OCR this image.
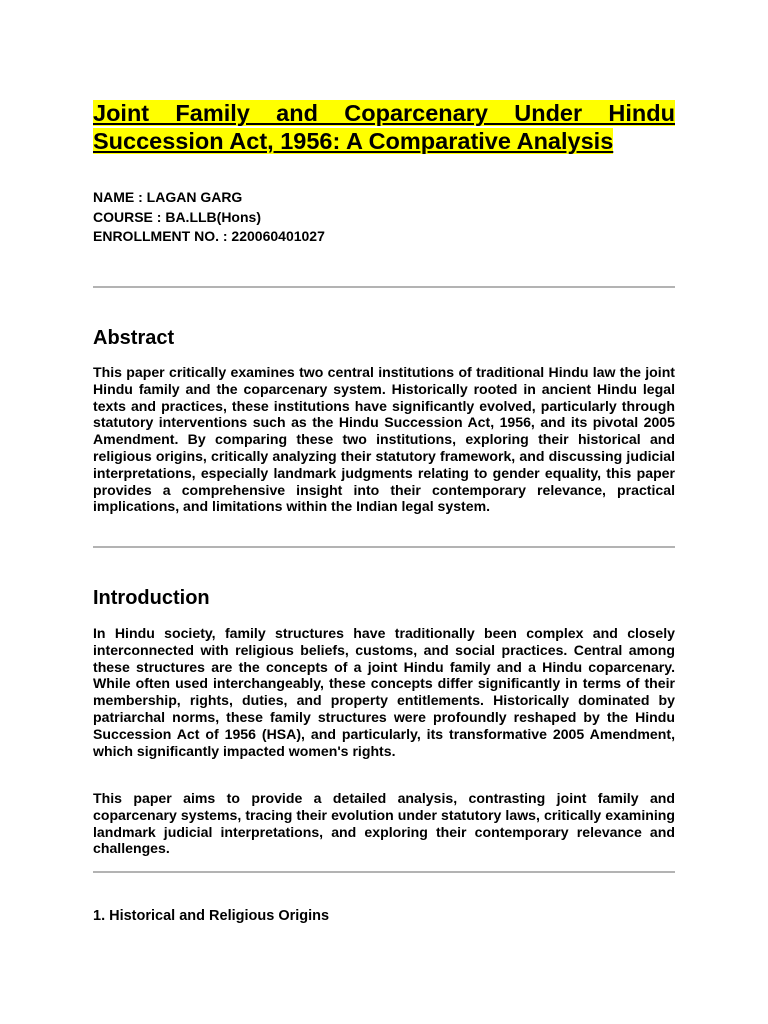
Joint Family and Coparcenary Under Hindu Succession Act, 1956: A Comparative Analysis

NAME : LAGAN GARG

COURSE : BA.LLB(Hons)

ENROLLMENT NO. : 220060401027

Abstract

This paper critically examines two central institutions of traditional Hindu law the joint Hindu family and the coparcenary system. Historically rooted in ancient Hindu legal texts and practices, these institutions have significantly evolved, particularly through statutory interventions such as the Hindu Succession Act, 1956, and its pivotal 2005 Amendment. By comparing these two institutions, exploring their historical and religious origins, critically analyzing their statutory framework, and discussing judicial interpretations, especially landmark judgments relating to gender equality, this paper provides a comprehensive insight into their contemporary relevance, practical implications, and limitations within the Indian legal system.

Introduction

In Hindu society, family structures have traditionally been complex and closely interconnected with religious beliefs, customs, and social practices. Central among these structures are the concepts of a joint Hindu family and a Hindu coparcenary. While often used interchangeably, these concepts differ significantly in terms of their membership, rights, duties, and property entitlements. Historically dominated by patriarchal norms, these family structures were profoundly reshaped by the Hindu Succession Act of 1956 (HSA), and particularly, its transformative 2005 Amendment, which significantly impacted women's rights.

This paper aims to provide a detailed analysis, contrasting joint family and coparcenary systems, tracing their evolution under statutory laws, critically examining landmark judicial interpretations, and exploring their contemporary relevance and challenges.

1. Historical and Religious Origins
